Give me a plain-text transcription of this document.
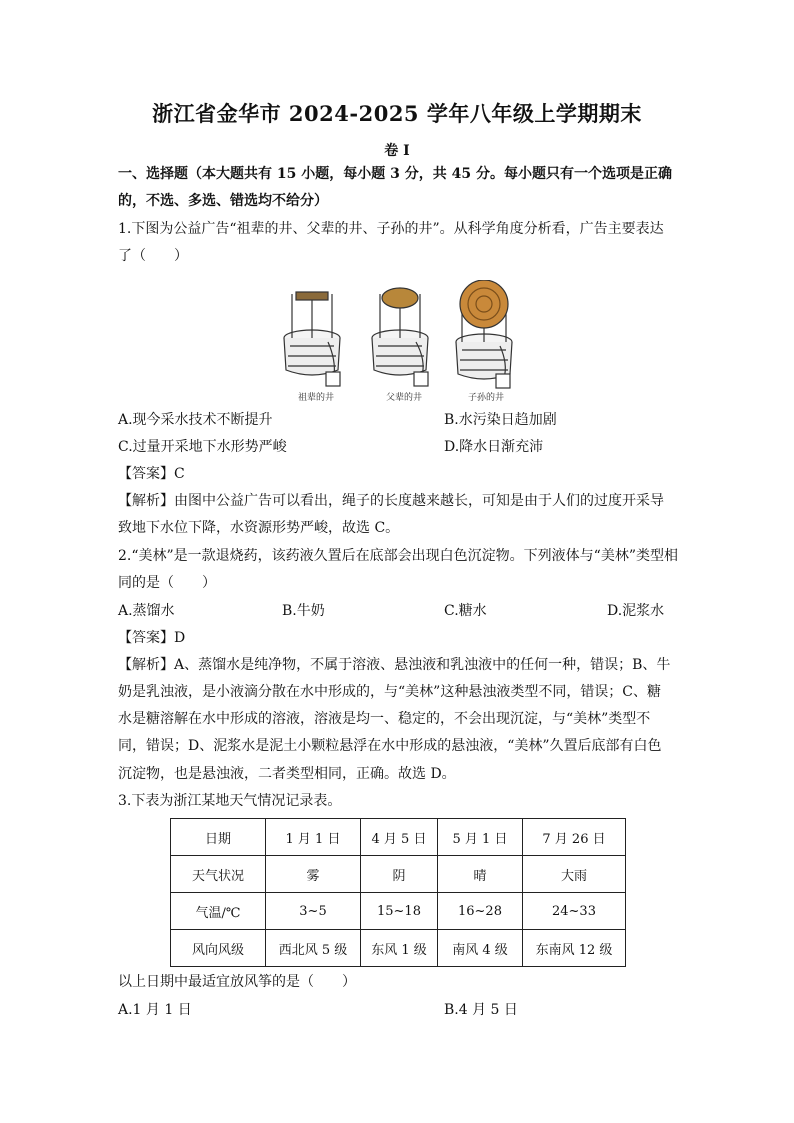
浙江省金华市 2024-2025 学年八年级上学期期末
卷 I
一、选择题（本大题共有 15 小题，每小题 3 分，共 45 分。每小题只有一个选项是正确
的，不选、多选、错选均不给分）
1.下图为公益广告“祖辈的井、父辈的井、子孙的井”。从科学角度分析看，广告主要表达
了（　　）
祖辈的井	父辈的井	子孙的井
A.现今采水技术不断提升	B.水污染日趋加剧
C.过量开采地下水形势严峻	D.降水日渐充沛
【答案】C
【解析】由图中公益广告可以看出，绳子的长度越来越长，可知是由于人们的过度开采导
致地下水位下降，水资源形势严峻，故选 C。
2.“美林”是一款退烧药，该药液久置后在底部会出现白色沉淀物。下列液体与“美林”类型相
同的是（　　）
A.蒸馏水	B.牛奶	C.糖水	D.泥浆水
【答案】D
【解析】A、蒸馏水是纯净物，不属于溶液、悬浊液和乳浊液中的任何一种，错误；B、牛
奶是乳浊液，是小液滴分散在水中形成的，与“美林”这种悬浊液类型不同，错误；C、糖
水是糖溶解在水中形成的溶液，溶液是均一、稳定的，不会出现沉淀，与“美林”类型不
同，错误；D、泥浆水是泥土小颗粒悬浮在水中形成的悬浊液，“美林”久置后底部有白色
沉淀物，也是悬浊液，二者类型相同，正确。故选 D。
3.下表为浙江某地天气情况记录表。
日期	1 月 1 日	4 月 5 日	5 月 1 日	7 月 26 日
天气状况	雾	阴	晴	大雨
气温/℃	3~5	15~18	16~28	24~33
风向风级	西北风 5 级	东风 1 级	南风 4 级	东南风 12 级
以上日期中最适宜放风筝的是（　　）
A.1 月 1 日	B.4 月 5 日
